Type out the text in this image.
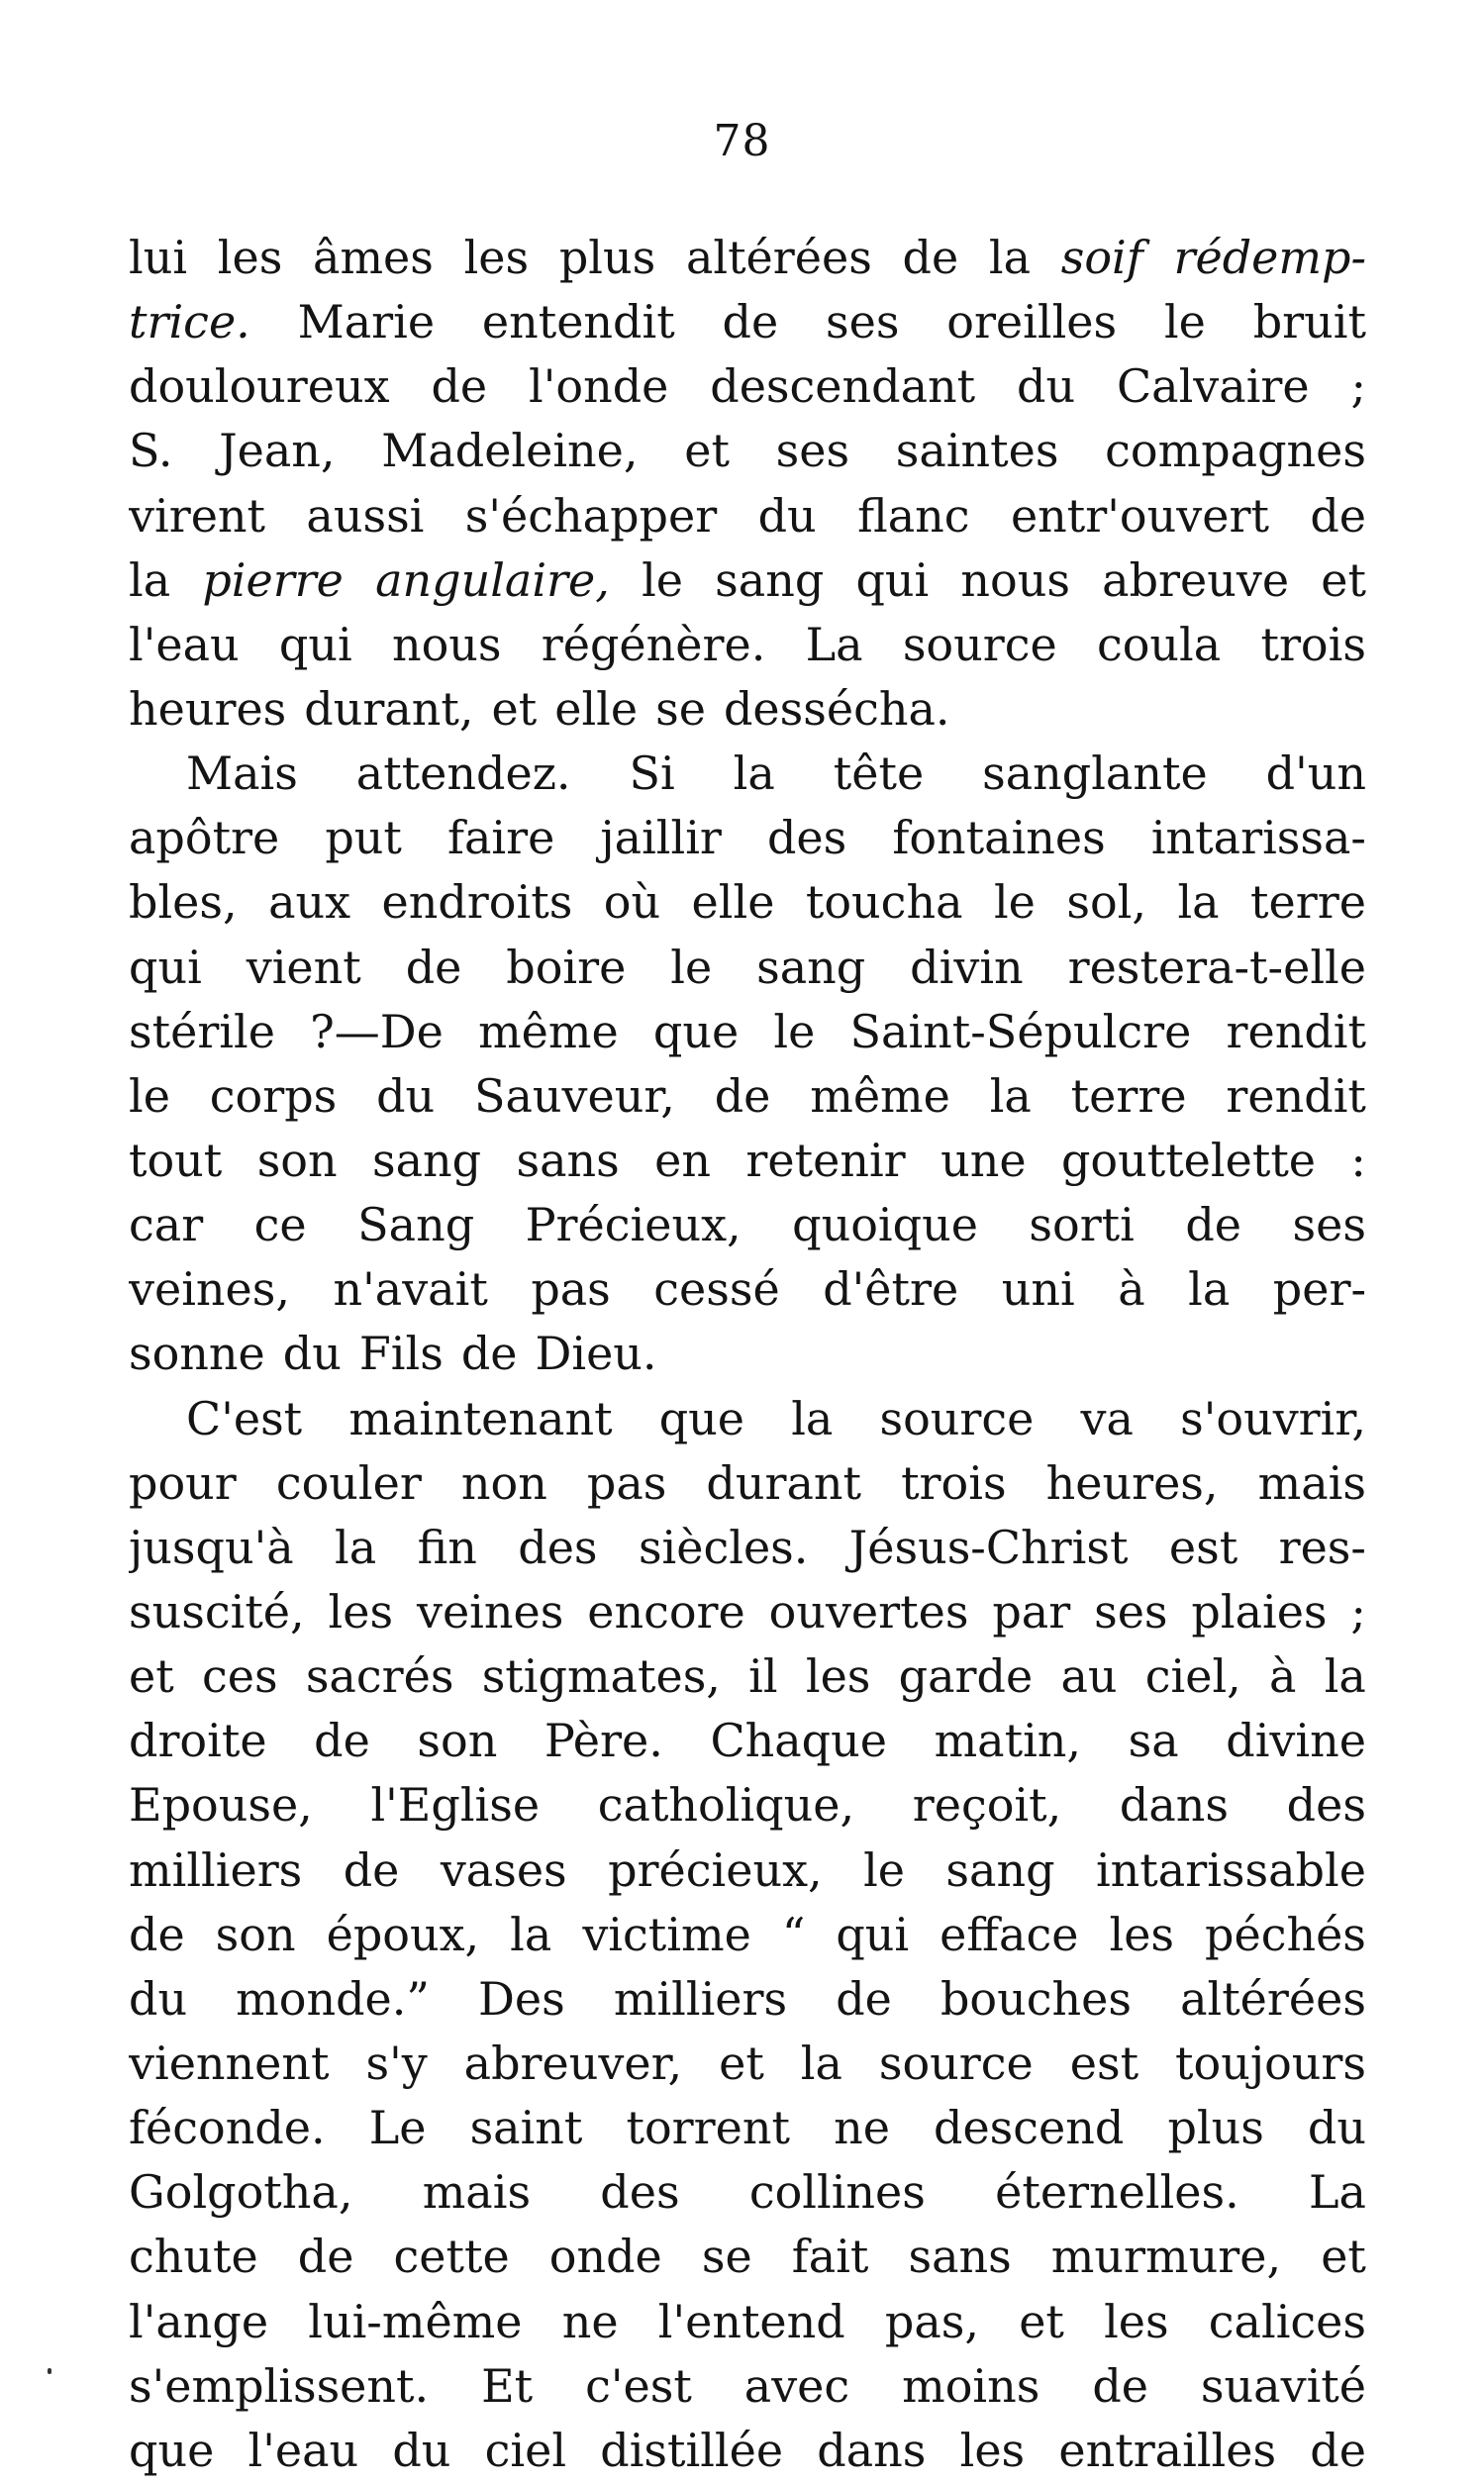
78
lui les âmes les plus altérées de la soif rédemp-
trice. Marie entendit de ses oreilles le bruit
douloureux de l'onde descendant du Calvaire ;
S. Jean, Madeleine, et ses saintes compagnes
virent aussi s'échapper du flanc entr'ouvert de
la pierre angulaire, le sang qui nous abreuve et
l'eau qui nous régénère. La source coula trois
heures durant, et elle se dessécha.
Mais attendez. Si la tête sanglante d'un
apôtre put faire jaillir des fontaines intarissa-
bles, aux endroits où elle toucha le sol, la terre
qui vient de boire le sang divin restera-t-elle
stérile ?—De même que le Saint-Sépulcre rendit
le corps du Sauveur, de même la terre rendit
tout son sang sans en retenir une gouttelette :
car ce Sang Précieux, quoique sorti de ses
veines, n'avait pas cessé d'être uni à la per-
sonne du Fils de Dieu.
C'est maintenant que la source va s'ouvrir,
pour couler non pas durant trois heures, mais
jusqu'à la fin des siècles. Jésus-Christ est res-
suscité, les veines encore ouvertes par ses plaies ;
et ces sacrés stigmates, il les garde au ciel, à la
droite de son Père. Chaque matin, sa divine
Epouse, l'Eglise catholique, reçoit, dans des
milliers de vases précieux, le sang intarissable
de son époux, la victime “ qui efface les péchés
du monde.” Des milliers de bouches altérées
viennent s'y abreuver, et la source est toujours
féconde. Le saint torrent ne descend plus du
Golgotha, mais des collines éternelles. La
chute de cette onde se fait sans murmure, et
l'ange lui-même ne l'entend pas, et les calices
s'emplissent. Et c'est avec moins de suavité
que l'eau du ciel distillée dans les entrailles de
